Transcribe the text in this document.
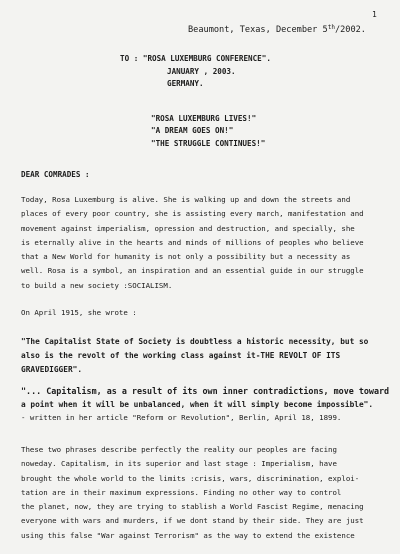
1
Beaumont, Texas, December 5th/2002.
TO : "ROSA LUXEMBURG CONFERENCE".
JANUARY , 2003.
GERMANY.
"ROSA LUXEMBURG LIVES!"
"A DREAM GOES ON!"
"THE STRUGGLE CONTINUES!"
DEAR COMRADES :
Today, Rosa Luxemburg is alive. She is walking up and down the streets and
places of every poor country, she is assisting every march, manifestation and
movement against imperialism, opression and destruction, and specially, she
is eternally alive in the hearts and minds of millions of peoples who believe
that a New World for humanity is not only a possibility but a necessity as
well. Rosa is a symbol, an inspiration and an essential guide in our struggle
to build a new society :SOCIALISM.
On April 1915, she wrote :
"The Capitalist State of Society is doubtless a historic necessity, but so
also is the revolt of the working class against it-THE REVOLT OF ITS
GRAVEDIGGER".
"... Capitalism, as a result of its own inner contradictions, move toward
a point when it will be unbalanced, when it will simply become impossible".
- written in her article "Reform or Revolution", Berlin, April 18, 1899.
These two phrases describe perfectly the reality our peoples are facing
noweday. Capitalism, in its superior and last stage : Imperialism, have
brought the whole world to the limits :crisis, wars, discrimination, exploi-
tation are in their maximum expressions. Finding no other way to control
the planet, now, they are trying to stablish a World Fascist Regime, menacing
everyone with wars and murders, if we dont stand by their side. They are just
using this false "War against Terrorism" as the way to extend the existence
